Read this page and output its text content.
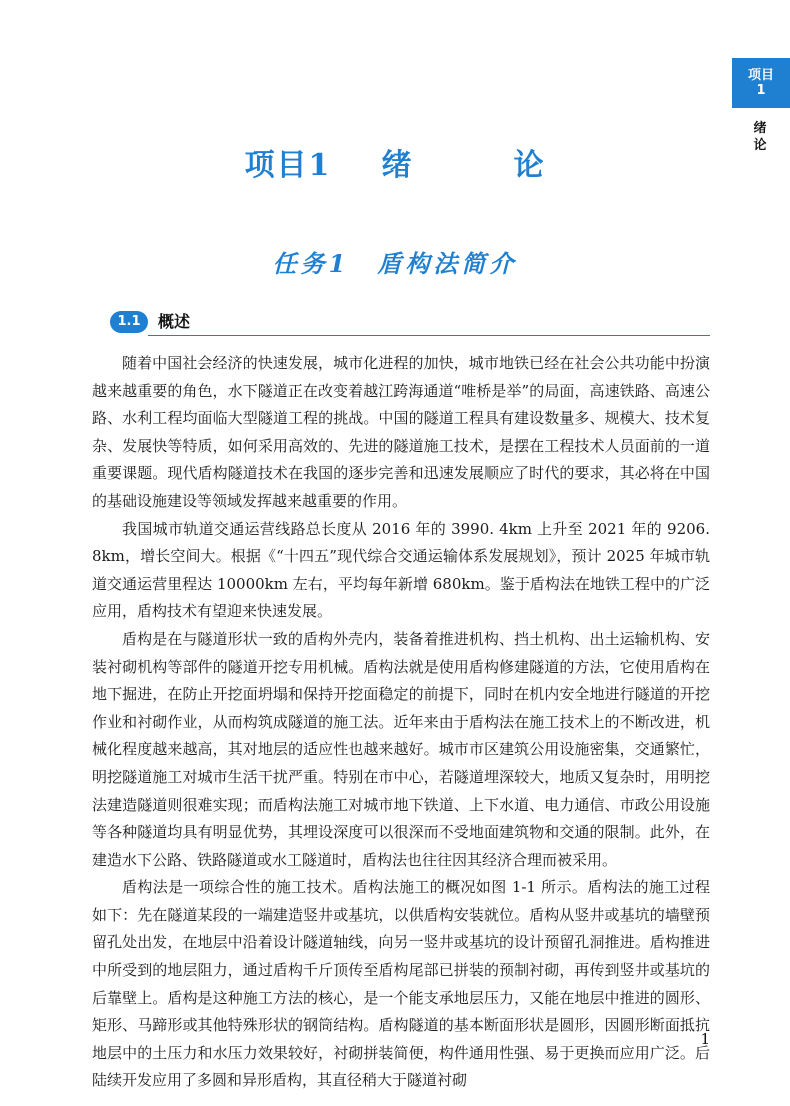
项目
1
绪
论
项目1 绪	论
任务1　盾构法简介
1.1	概述

随着中国社会经济的快速发展，城市化进程的加快，城市地铁已经在社会公共功能中扮演越来越重要的角色，水下隧道正在改变着越江跨海通道“唯桥是举”的局面，高速铁路、高速公路、水利工程均面临大型隧道工程的挑战。中国的隧道工程具有建设数量多、规模大、技术复杂、发展快等特质，如何采用高效的、先进的隧道施工技术，是摆在工程技术人员面前的一道重要课题。现代盾构隧道技术在我国的逐步完善和迅速发展顺应了时代的要求，其必将在中国的基础设施建设等领域发挥越来越重要的作用。

我国城市轨道交通运营线路总长度从 2016 年的 3990. 4km 上升至 2021 年的 9206. 8km，增长空间大。根据《“十四五”现代综合交通运输体系发展规划》，预计 2025 年城市轨道交通运营里程达 10000km 左右，平均每年新增 680km。鉴于盾构法在地铁工程中的广泛应用，盾构技术有望迎来快速发展。

盾构是在与隧道形状一致的盾构外壳内，装备着推进机构、挡土机构、出土运输机构、安装衬砌机构等部件的隧道开挖专用机械。盾构法就是使用盾构修建隧道的方法，它使用盾构在地下掘进，在防止开挖面坍塌和保持开挖面稳定的前提下，同时在机内安全地进行隧道的开挖作业和衬砌作业，从而构筑成隧道的施工法。近年来由于盾构法在施工技术上的不断改进，机械化程度越来越高，其对地层的适应性也越来越好。城市市区建筑公用设施密集，交通繁忙，明挖隧道施工对城市生活干扰严重。特别在市中心，若隧道埋深较大，地质又复杂时，用明挖法建造隧道则很难实现；而盾构法施工对城市地下铁道、上下水道、电力通信、市政公用设施等各种隧道均具有明显优势，其埋设深度可以很深而不受地面建筑物和交通的限制。此外，在建造水下公路、铁路隧道或水工隧道时，盾构法也往往因其经济合理而被采用。

盾构法是一项综合性的施工技术。盾构法施工的概况如图 1-1 所示。盾构法的施工过程如下：先在隧道某段的一端建造竖井或基坑，以供盾构安装就位。盾构从竖井或基坑的墙壁预留孔处出发，在地层中沿着设计隧道轴线，向另一竖井或基坑的设计预留孔洞推进。盾构推进中所受到的地层阻力，通过盾构千斤顶传至盾构尾部已拼装的预制衬砌，再传到竖井或基坑的后靠壁上。盾构是这种施工方法的核心，是一个能支承地层压力，又能在地层中推进的圆形、矩形、马蹄形或其他特殊形状的钢筒结构。盾构隧道的基本断面形状是圆形，因圆形断面抵抗地层中的土压力和水压力效果较好，衬砌拼装简便，构件通用性强、易于更换而应用广泛。后陆续开发应用了多圆和异形盾构，其直径稍大于隧道衬砌

1
